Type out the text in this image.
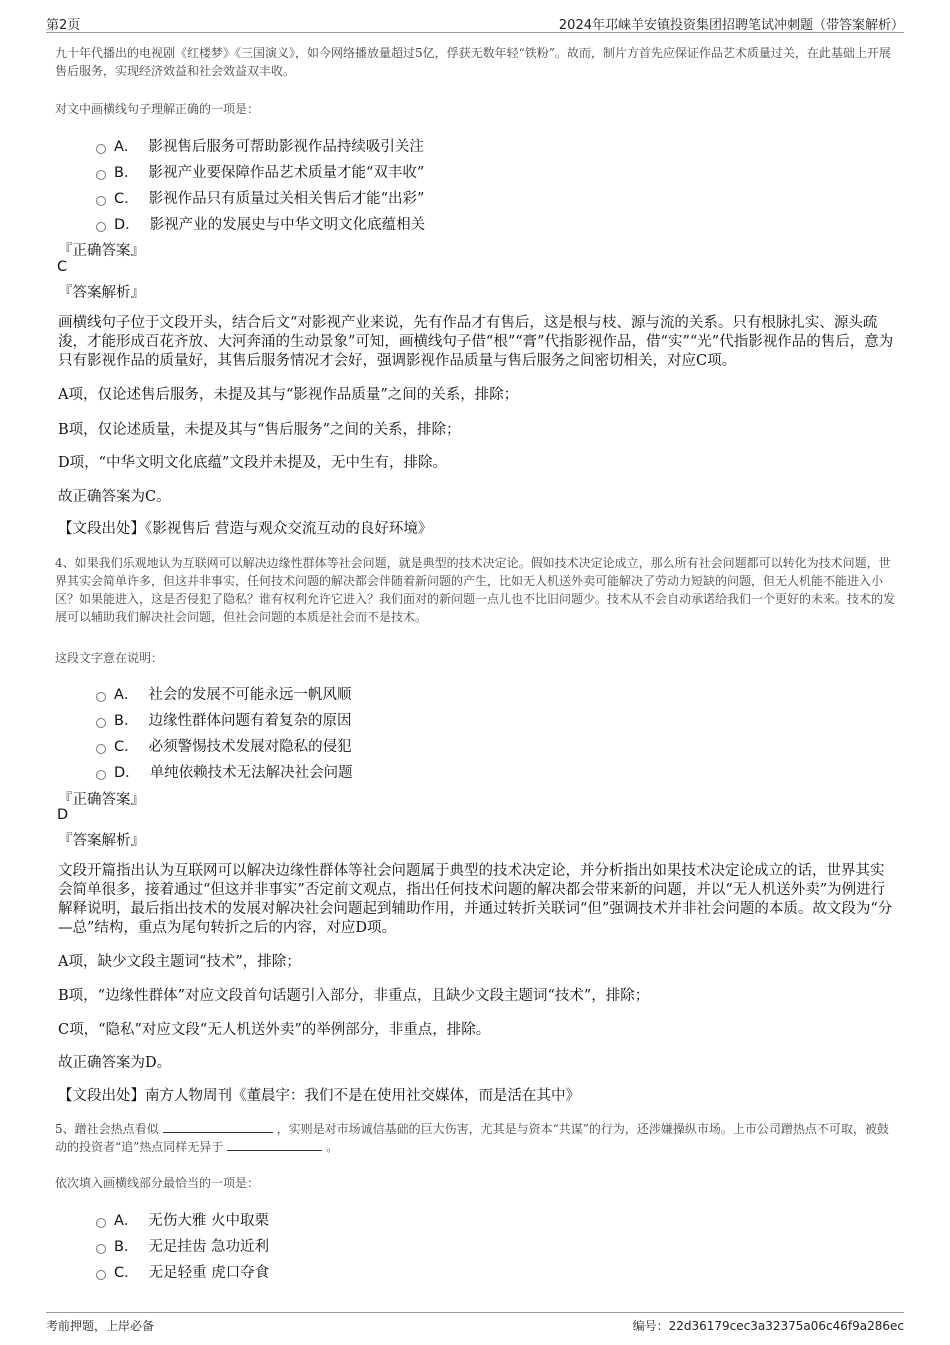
第2页	2024年邛崃羊安镇投资集团招聘笔试冲刺题（带答案解析）
九十年代播出的电视剧《红楼梦》《三国演义》，如今网络播放量超过5亿，俘获无数年轻“铁粉”。故而，制片方首先应保证作品艺术质量过关，在此基础上开展售后服务，实现经济效益和社会效益双丰收。
对文中画横线句子理解正确的一项是：
A． 影视售后服务可帮助影视作品持续吸引关注
B． 影视产业要保障作品艺术质量才能“双丰收”
C． 影视作品只有质量过关相关售后才能“出彩”
D． 影视产业的发展史与中华文明文化底蕴相关
『正确答案』
C
『答案解析』
画横线句子位于文段开头，结合后文“对影视产业来说，先有作品才有售后，这是根与枝、源与流的关系。只有根脉扎实、源头疏浚，才能形成百花齐放、大河奔涌的生动景象”可知，画横线句子借“根”“膏”代指影视作品，借“实”“光”代指影视作品的售后，意为只有影视作品的质量好，其售后服务情况才会好，强调影视作品质量与售后服务之间密切相关，对应C项。
A项，仅论述售后服务，未提及其与“影视作品质量”之间的关系，排除；
B项，仅论述质量，未提及其与“售后服务”之间的关系，排除；
D项，“中华文明文化底蕴”文段并未提及，无中生有，排除。
故正确答案为C。
【文段出处】《影视售后 营造与观众交流互动的良好环境》
4、如果我们乐观地认为互联网可以解决边缘性群体等社会问题，就是典型的技术决定论。假如技术决定论成立，那么所有社会问题都可以转化为技术问题，世界其实会简单许多，但这并非事实，任何技术问题的解决都会伴随着新问题的产生，比如无人机送外卖可能解决了劳动力短缺的问题，但无人机能不能进入小区？如果能进入，这是否侵犯了隐私？谁有权利允许它进入？我们面对的新问题一点儿也不比旧问题少。技术从不会自动承诺给我们一个更好的未来。技术的发展可以辅助我们解决社会问题，但社会问题的本质是社会而不是技术。
这段文字意在说明：
A． 社会的发展不可能永远一帆风顺
B． 边缘性群体问题有着复杂的原因
C． 必须警惕技术发展对隐私的侵犯
D． 单纯依赖技术无法解决社会问题
『正确答案』
D
『答案解析』
文段开篇指出认为互联网可以解决边缘性群体等社会问题属于典型的技术决定论，并分析指出如果技术决定论成立的话，世界其实会简单很多，接着通过“但这并非事实”否定前文观点，指出任何技术问题的解决都会带来新的问题，并以“无人机送外卖”为例进行解释说明，最后指出技术的发展对解决社会问题起到辅助作用，并通过转折关联词“但”强调技术并非社会问题的本质。故文段为“分—总”结构，重点为尾句转折之后的内容，对应D项。
A项，缺少文段主题词“技术”，排除；
B项，“边缘性群体”对应文段首句话题引入部分，非重点，且缺少文段主题词“技术”，排除；
C项，“隐私”对应文段“无人机送外卖”的举例部分，非重点，排除。
故正确答案为D。
【文段出处】南方人物周刊《董晨宇：我们不是在使用社交媒体，而是活在其中》
5、蹭社会热点看似	，实则是对市场诚信基础的巨大伤害，尤其是与资本“共谋”的行为，还涉嫌操纵市场。上市公司蹭热点不可取，被鼓动的投资者“追”热点同样无异于	。
依次填入画横线部分最恰当的一项是：
A． 无伤大雅 火中取栗
B． 无足挂齿 急功近利
C． 无足轻重 虎口夺食
考前押题，上岸必备	编号：22d36179cec3a32375a06c46f9a286ec
